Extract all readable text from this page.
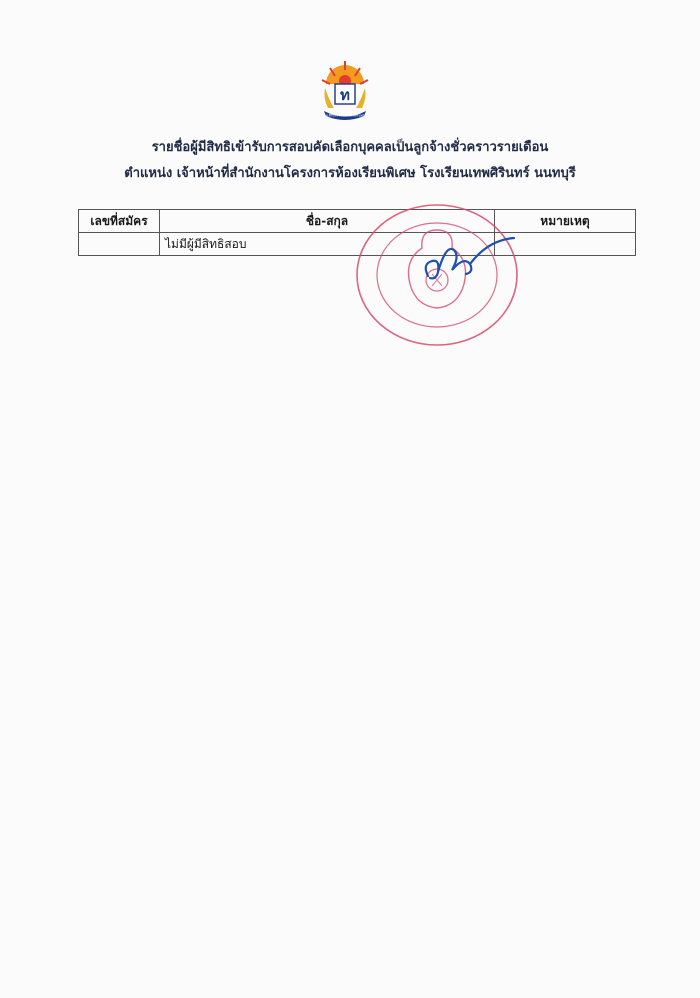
ท
ท.ศิรินทร์ โรงเรียนเทพศิรินทร์
รายชื่อผู้มีสิทธิเข้ารับการสอบคัดเลือกบุคคลเป็นลูกจ้างชั่วคราวรายเดือน
ตำแหน่ง เจ้าหน้าที่สำนักงานโครงการห้องเรียนพิเศษ โรงเรียนเทพศิรินทร์ นนทบุรี
เลขที่สมัคร	ชื่อ-สกุล	หมายเหตุ
	ไม่มีผู้มีสิทธิสอบ	
